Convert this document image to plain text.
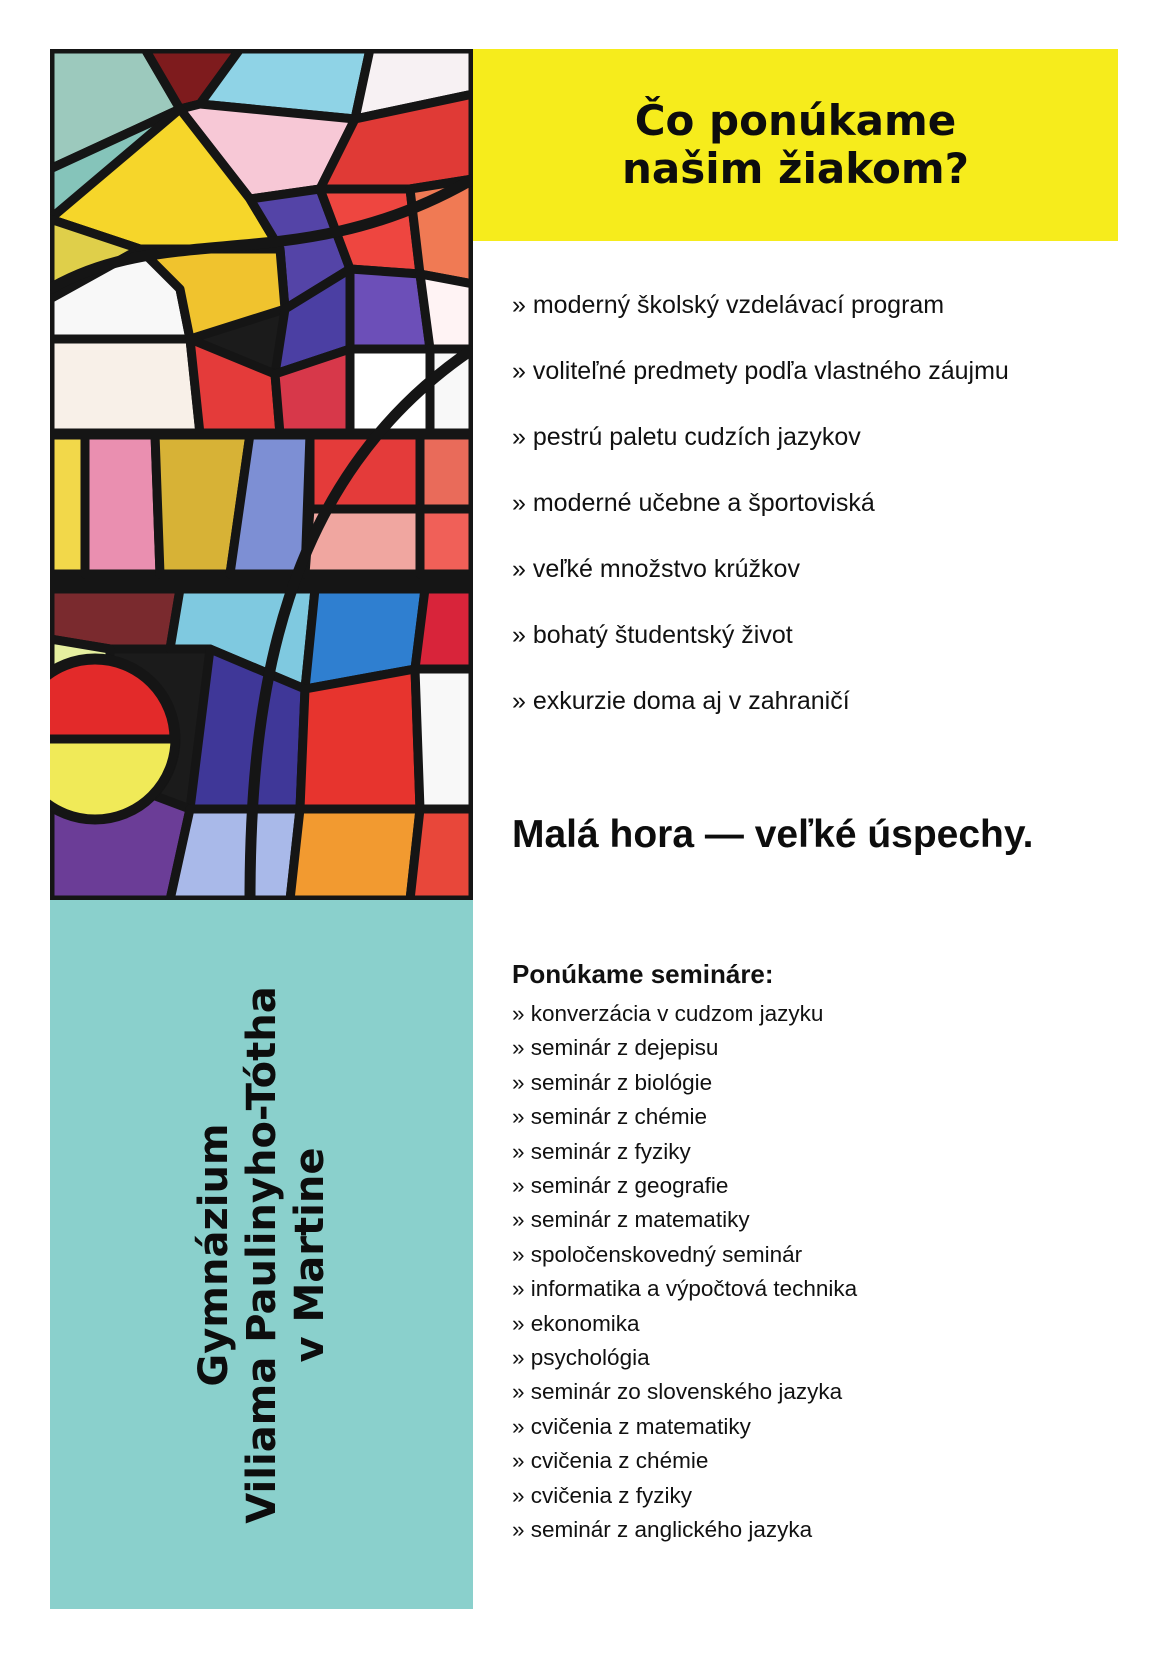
Gymnázium Viliama Paulinyho-Tótha v Martine
Čo ponúkame
našim žiakom?
» moderný školský vzdelávací program
» voliteľné predmety podľa vlastného záujmu
» pestrú paletu cudzích jazykov
» moderné učebne a športoviská
» veľké množstvo krúžkov
» bohatý študentský život
» exkurzie doma aj v zahraničí

Malá hora — veľké úspechy.

Ponúkame semináre:

» konverzácia v cudzom jazyku
» seminár z dejepisu
» seminár z biológie
» seminár z chémie
» seminár z fyziky
» seminár z geografie
» seminár z matematiky
» spoločenskovedný seminár
» informatika a výpočtová technika
» ekonomika
» psychológia
» seminár zo slovenského jazyka
» cvičenia z matematiky
» cvičenia z chémie
» cvičenia z fyziky
» seminár z anglického jazyka
